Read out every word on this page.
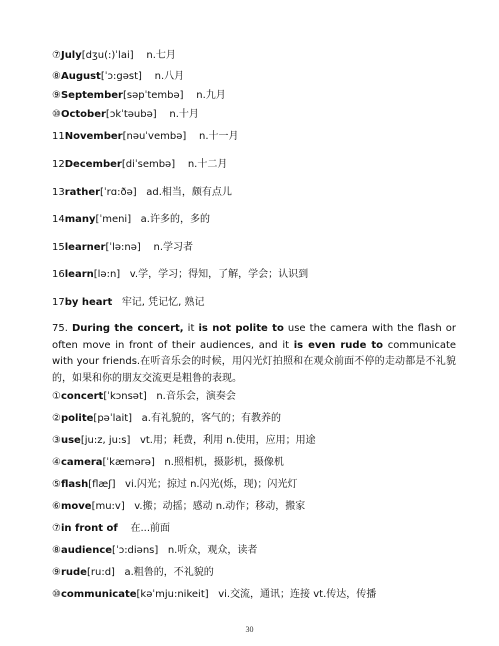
⑦July[dʒu(:)ˈlai] n.七月
⑧August[ˈɔ:gəst] n.八月
⑨September[səpˈtembə] n.九月
⑩October[ɔkˈtəubə] n.十月
11November[nəuˈvembə] n.十一月
12December[diˈsembə] n.十二月
13rather[ˈrɑ:ðə] ad.相当，颇有点儿
14many[ˈmeni] a.许多的，多的
15learner[ˈlə:nə] n.学习者
16learn[lə:n] v.学，学习；得知，了解，学会；认识到
17by heart 牢记, 凭记忆, 熟记
75. During the concert, it is not polite to use the camera with the flash or often move in front of their audiences, and it is even rude to communicate with your friends.在听音乐会的时候，用闪光灯拍照和在观众前面不停的走动都是不礼貌的，如果和你的朋友交流更是粗鲁的表现。
①concert[ˈkɔnsət] n.音乐会，演奏会
②polite[pəˈlait] a.有礼貌的，客气的；有教养的
③use[ju:z, ju:s] vt.用；耗费，利用 n.使用，应用；用途
④camera[ˈkæmərə] n.照相机，摄影机，摄像机
⑤flash[flæʃ] vi.闪光；掠过 n.闪光(烁，现)；闪光灯
⑥move[mu:v] v.搬；动摇；感动 n.动作；移动，搬家
⑦in front of 在...前面
⑧audience[ˈɔ:diəns] n.听众，观众，读者
⑨rude[ru:d] a.粗鲁的，不礼貌的
⑩communicate[kəˈmju:nikeit] vi.交流，通讯；连接 vt.传达，传播
30
